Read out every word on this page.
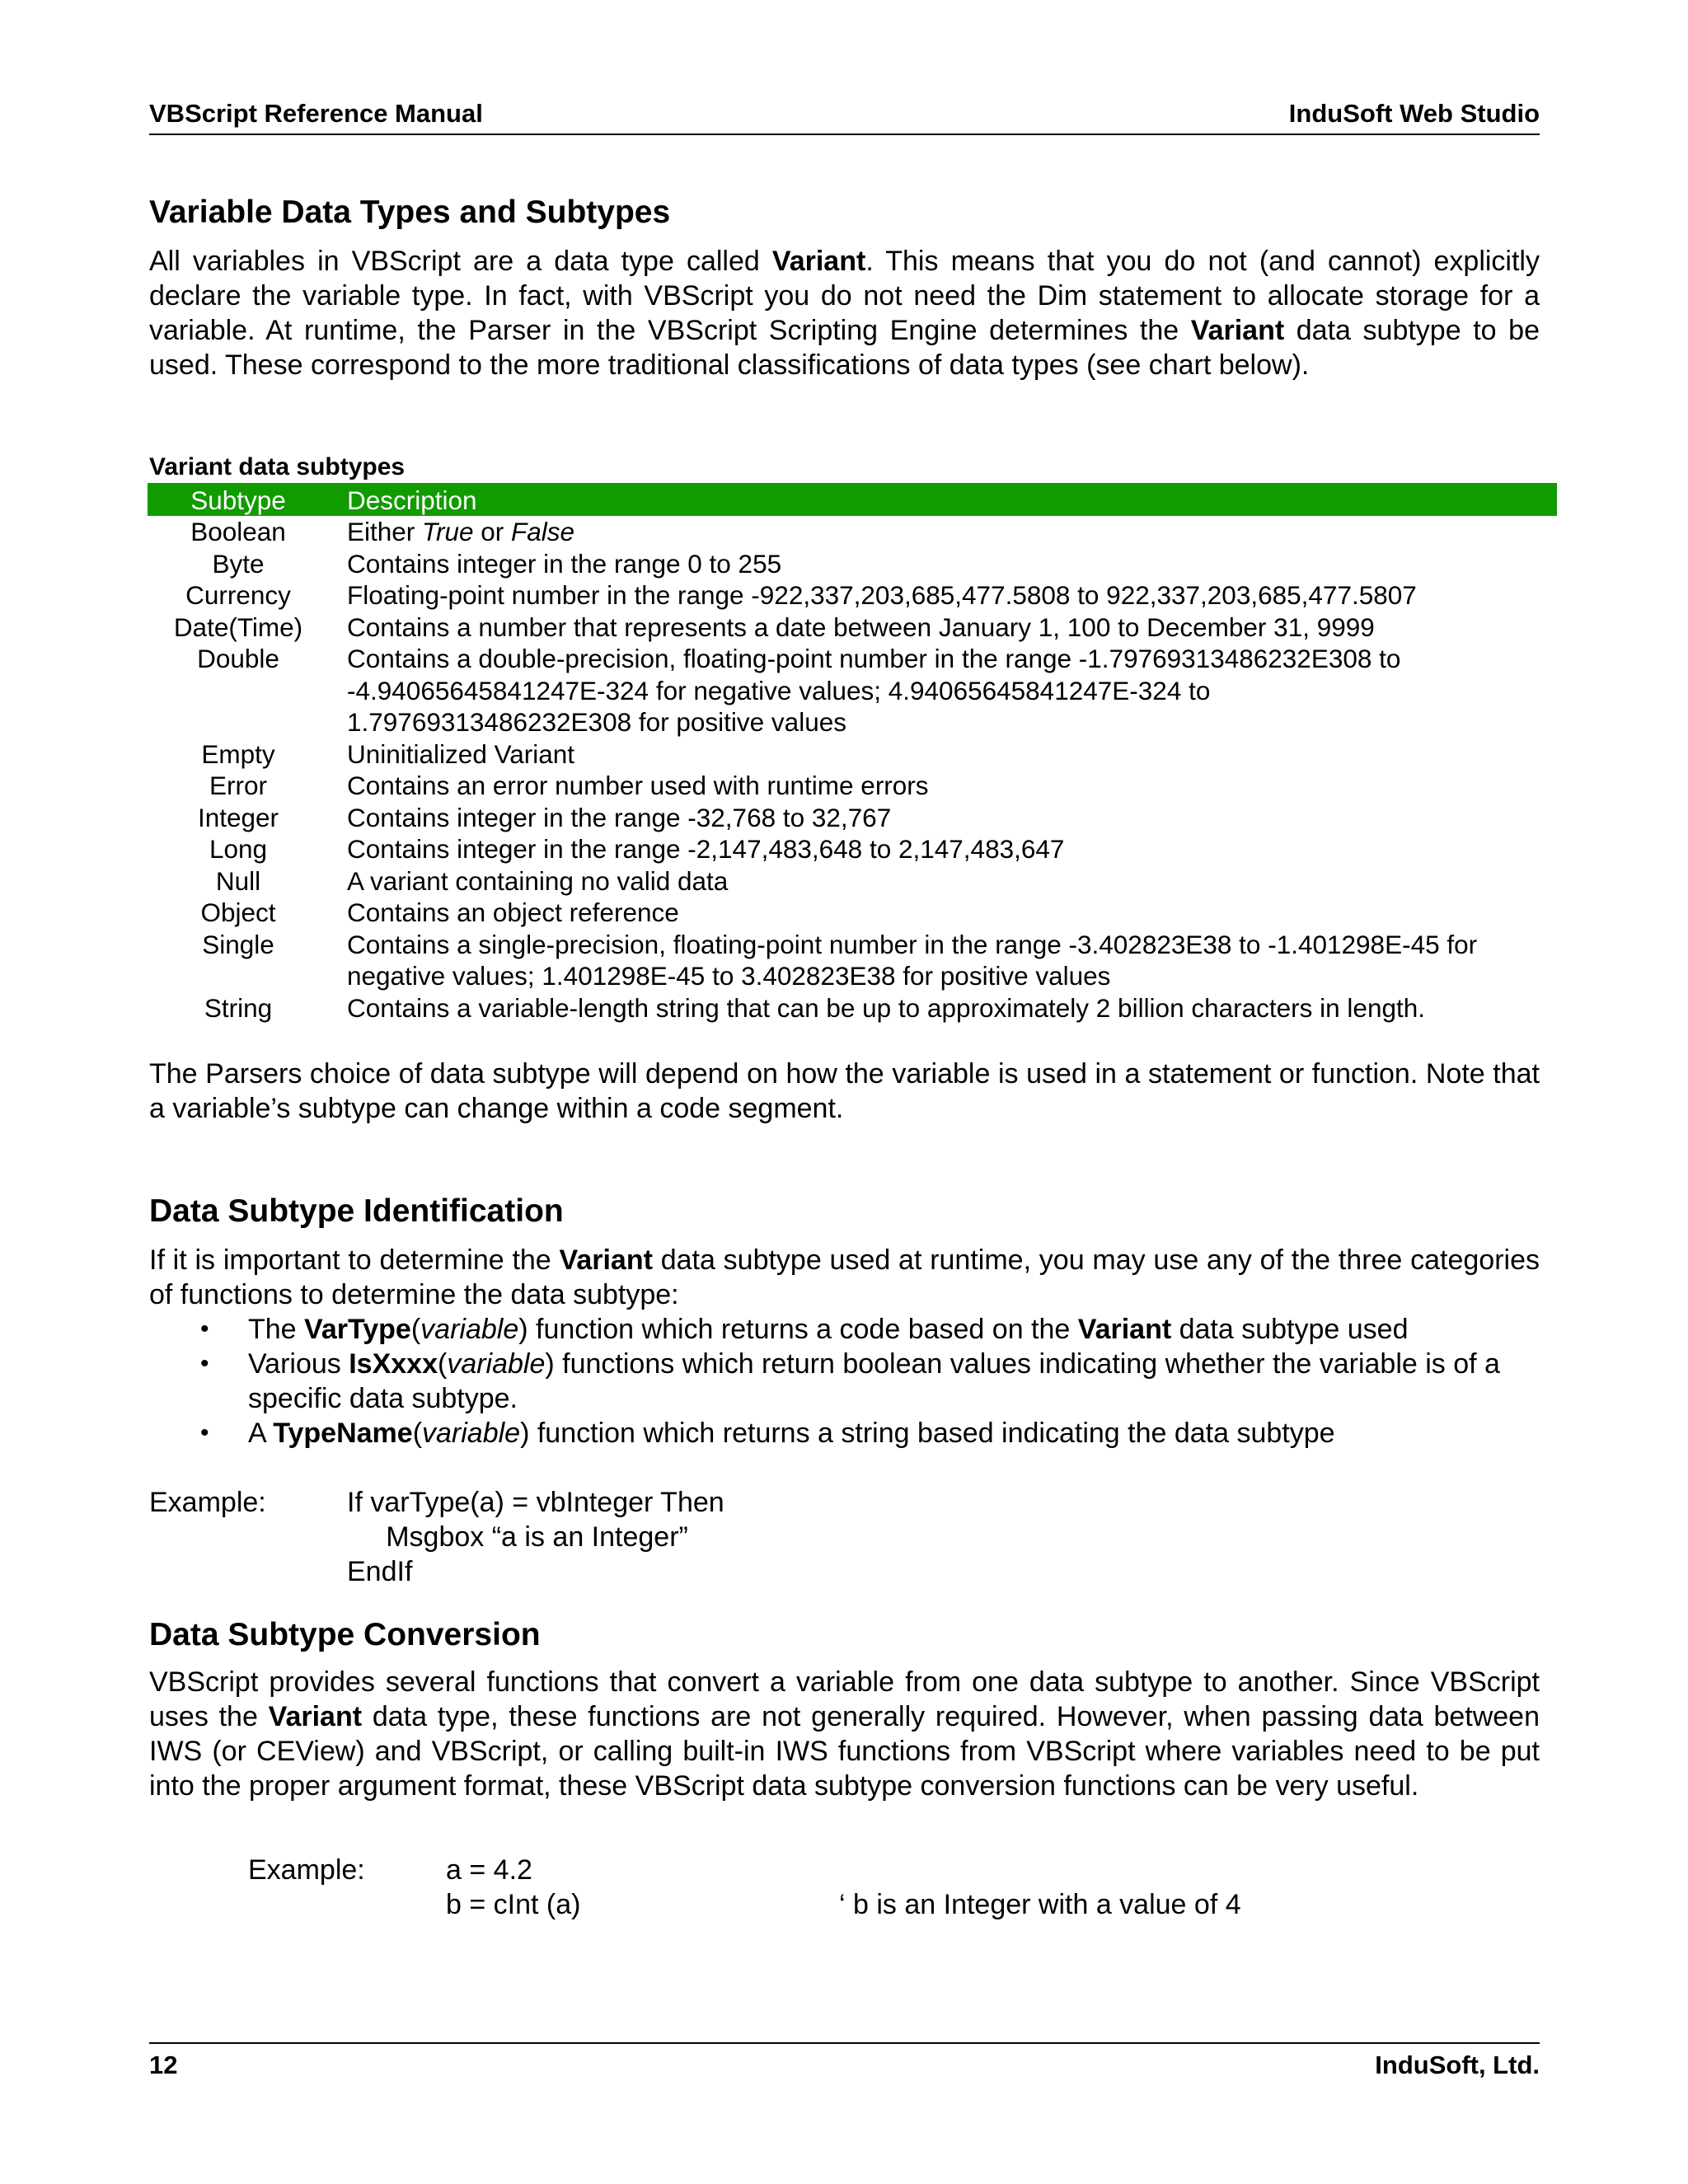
VBScript Reference Manual	InduSoft Web Studio
Variable Data Types and Subtypes

All variables in VBScript are a data type called Variant. This means that you do not (and cannot) explicitly declare the variable type. In fact, with VBScript you do not need the Dim statement to allocate storage for a variable. At runtime, the Parser in the VBScript Scripting Engine determines the Variant data subtype to be used. These correspond to the more traditional classifications of data types (see chart below).

Variant data subtypes
Subtype	Description
Boolean	Either True or False
Byte	Contains integer in the range 0 to 255
Currency	Floating-point number in the range -922,337,203,685,477.5808 to 922,337,203,685,477.5807
Date(Time)	Contains a number that represents a date between January 1, 100 to December 31, 9999
Double	Contains a double-precision, floating-point number in the range -1.79769313486232E308 to -4.94065645841247E-324 for negative values; 4.94065645841247E-324 to 1.79769313486232E308 for positive values
Empty	Uninitialized Variant
Error	Contains an error number used with runtime errors
Integer	Contains integer in the range -32,768 to 32,767
Long	Contains integer in the range -2,147,483,648 to 2,147,483,647
Null	A variant containing no valid data
Object	Contains an object reference
Single	Contains a single-precision, floating-point number in the range -3.402823E38 to -1.401298E-45 for negative values; 1.401298E-45 to 3.402823E38 for positive values
String	Contains a variable-length string that can be up to approximately 2 billion characters in length.

The Parsers choice of data subtype will depend on how the variable is used in a statement or function. Note that a variable’s subtype can change within a code segment.

Data Subtype Identification

If it is important to determine the Variant data subtype used at runtime, you may use any of the three categories of functions to determine the data subtype:

• The VarType(variable) function which returns a code based on the Variant data subtype used
• Various IsXxxx(variable) functions which return boolean values indicating whether the variable is of a specific data subtype.
• A TypeName(variable) function which returns a string based indicating the data subtype
Example:	If varType(a) = vbInteger Then
Msgbox “a is an Integer”
EndIf
Data Subtype Conversion

VBScript provides several functions that convert a variable from one data subtype to another. Since VBScript uses the Variant data type, these functions are not generally required. However, when passing data between IWS (or CEView) and VBScript, or calling built-in IWS functions from VBScript where variables need to be put into the proper argument format, these VBScript data subtype conversion functions can be very useful.

Example:	a = 4.2
b = cInt (a)	‘ b is an Integer with a value of 4
12	InduSoft, Ltd.
